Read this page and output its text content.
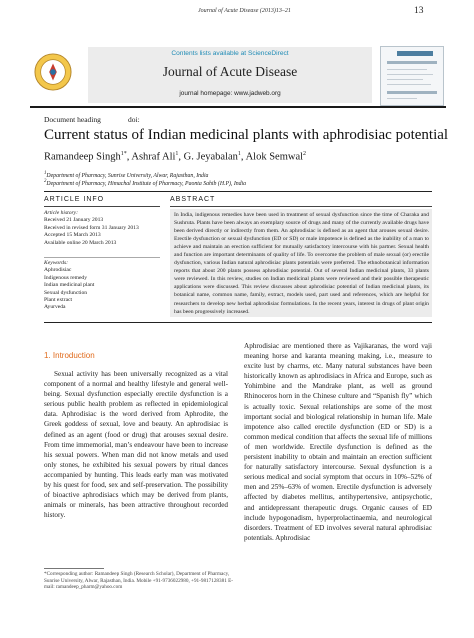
Journal of Acute Disease (2013)13–21	13
Contents lists available at ScienceDirect
Journal of Acute Disease
journal homepage: www.jadweb.org
Document heading	doi:
Current status of Indian medicinal plants with aphrodisiac potential
Ramandeep Singh$^{1*}$, Ashraf Ali$^1$, G. Jeyabalan$^1$, Alok Semwal$^2$
$^1$Department of Pharmacy, Sunrise University, Alwar, Rajasthan, India
$^2$Department of Pharmacy, Himachal Institute of Pharmacy, Paonta Sahib (H.P), India
ARTICLE INFO	ABSTRACT
Article history:
Received 21 January 2013
Received in revised form 31 January 2013
Accepted 15 March 2013
Available online 20 March 2013
Keywords:
Aphrodisiac
Indigenous remedy
Indian medicinal plant
Sexual dysfunction
Plant extract
Ayurveda
In India, indigenous remedies have been used in treatment of sexual dysfunction since the time of Charaka and Sushruta. Plants have been always an exemplary source of drugs and many of the currently available drugs have been derived directly or indirectly from them. An aphrodisiac is defined as an agent that arouses sexual desire. Erectile dysfunction or sexual dysfunction (ED or SD) or male impotence is defined as the inability of a man to achieve and maintain an erection sufficient for mutually satisfactory intercourse with his partner. Sexual health and function are important determinants of quality of life. To overcome the problem of male sexual (or) erectile dysfunction, various Indian natural aphrodisiac plants potentials were preferred. The ethnobotanical information reports that about 200 plants possess aphrodisiac potential. Out of several Indian medicinal plants, 33 plants were reviewed. In this review, studies on Indian medicinal plants were reviewed and their possible therapeutic applications were discussed. This review discusses about aphrodisiac potential of Indian medicinal plants, its botanical name, common name, family, extract, models used, part used and references, which are helpful for researchers to develop new herbal aphrodisiac formulations. In the recent years, interest in drugs of plant origin has been progressively increased.
1. Introduction
Sexual activity has been universally recognized as a vital component of a normal and healthy lifestyle and general well-being. Sexual dysfunction especially erectile dysfunction is a serious public health problem as reflected in epidemiological data. Aphrodisiac is the word derived from Aphrodite, the Greek goddess of sexual, love and beauty. An aphrodisiac is defined as an agent (food or drug) that arouses sexual desire. From time immemorial, man’s endeavour have been to increase his sexual powers. When man did not know metals and used only stones, he exhibited his sexual powers by ritual dances accompanied by hunting. This leads early man was motivated by his quest for food, sex and self-preservation. The possibility of bioactive aphrodisiacs which may be derived from plants, animals or minerals, has been attractive throughout recorded history.
Aphrodisiac are mentioned there as Vajikaranas, the word vaji meaning horse and karanta meaning making, i.e., measure to excite lust by charms, etc. Many natural substances have been historically known as aphrodisiacs in Africa and Europe, such as Yohimbine and the Mandrake plant, as well as ground Rhinoceros horn in the Chinese culture and “Spanish fly” which is actually toxic. Sexual relationships are some of the most important social and biological relationship in human life. Male impotence also called erectile dysfunction (ED or SD) is a common medical condition that affects the sexual life of millions of men worldwide. Erectile dysfunction is defined as the persistent inability to obtain and maintain an erection sufficient for naturally satisfactory intercourse. Sexual dysfunction is a serious medical and social symptom that occurs in 10%–52% of men and 25%–63% of women. Erectile dysfunction is adversely affected by diabetes mellitus, antihypertensive, antipsychotic, and antidepressant therapeutic drugs. Organic causes of ED include hypogonadism, hyperprolactinaemia, and neurological disorders. Treatment of ED involves several natural aphrodisiac potentials. Aphrodisiac
*Corresponding author: Ramandeep Singh (Research Scholar), Department of Pharmacy, Sunrise University, Alwar, Rajasthan, India. Mobile +91-9736022980, +91-9817128381 E-mail: ramandeep_pharm@yahoo.com
